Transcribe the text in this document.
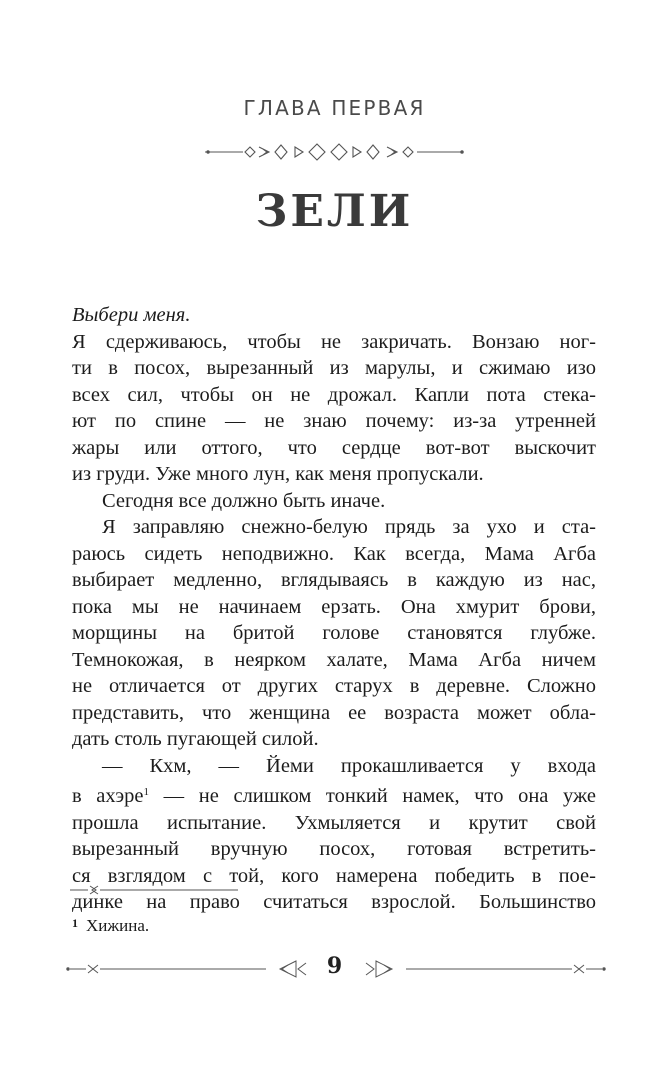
ГЛАВА ПЕРВАЯ
ЗЕЛИ

Выбери меня.

Я сдерживаюсь, чтобы не закричать. Вонзаю ног-
ти в посох, вырезанный из марулы, и сжимаю изо
всех сил, чтобы он не дрожал. Капли пота стека-
ют по спине — не знаю почему: из-за утренней
жары или оттого, что сердце вот-вот выскочит
из груди. Уже много лун, как меня пропускали.

Сегодня все должно быть иначе.

Я заправляю снежно-белую прядь за ухо и ста-
раюсь сидеть неподвижно. Как всегда, Мама Агба
выбирает медленно, вглядываясь в каждую из нас,
пока мы не начинаем ерзать. Она хмурит брови,
морщины на бритой голове становятся глубже.
Темнокожая, в неярком халате, Мама Агба ничем
не отличается от других старух в деревне. Сложно
представить, что женщина ее возраста может обла-
дать столь пугающей силой.

— Кхм, — Йеми прокашливается у входа
в ахэре$^1$ — не слишком тонкий намек, что она уже
прошла испытание. Ухмыляется и крутит свой
вырезанный вручную посох, готовая встретить-
ся взглядом с той, кого намерена победить в пое-
динке на право считаться взрослой. Большинство

$^1$ Хижина.
9
